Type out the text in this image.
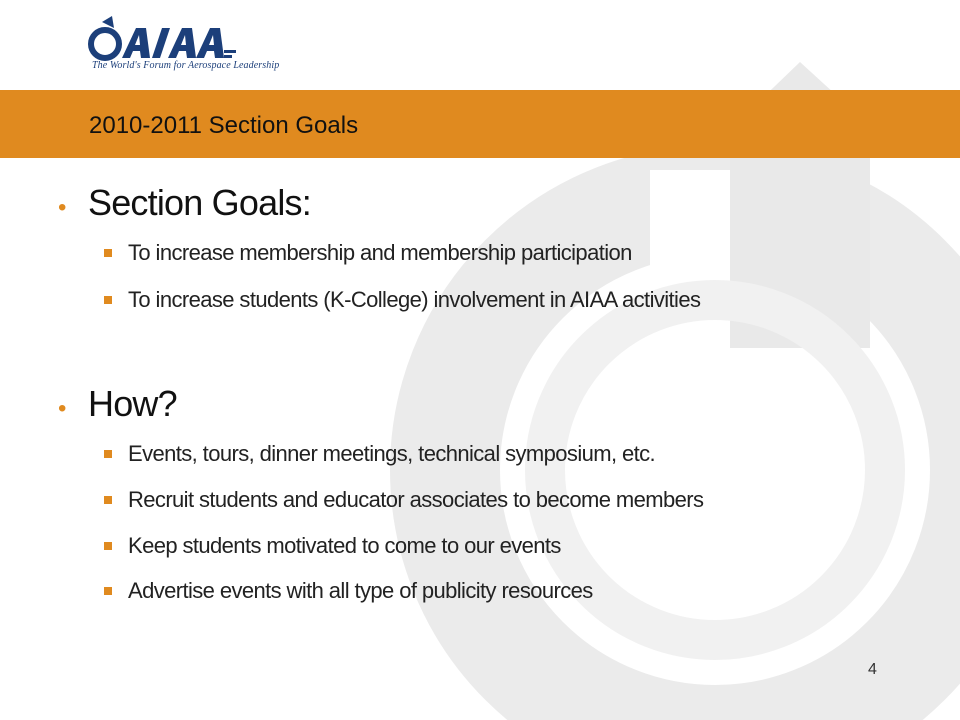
The World's Forum for Aerospace Leadership
2010-2011 Section Goals
• Section Goals:
To increase membership and membership participation
To increase students (K-College) involvement in AIAA activities
• How?
Events, tours, dinner meetings, technical symposium, etc.
Recruit students and educator associates to become members
Keep students motivated to come to our events
Advertise events with all type of publicity resources
4
